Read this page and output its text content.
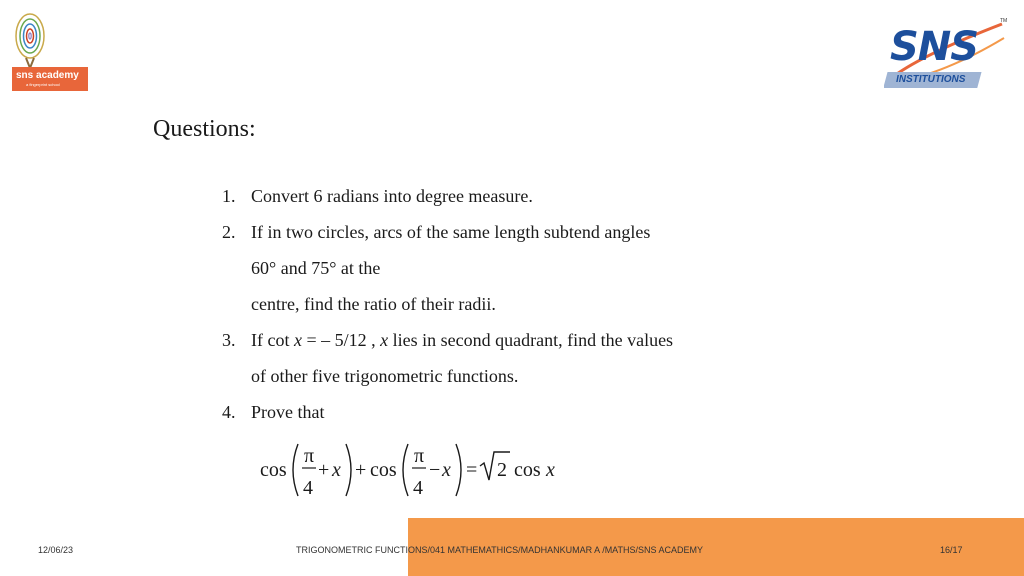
sns academy
a fingerprint school
SNS
INSTITUTIONS
TM
Questions:
1. Convert 6 radians into degree measure.
2. If in two circles, arcs of the same length subtend angles
60° and 75° at the
centre, find the ratio of their radii.
3. If cot x = – 5/12 , x lies in second quadrant, find the values
of other five trigonometric functions.
4. Prove that
cos
π
4
+ x + cos
π
4
− x = 2 cos x
12/06/23	TRIGONOMETRIC FUNCTIONS/041 MATHEMATHICS/MADHANKUMAR A /MATHS/SNS ACADEMY	16/17
